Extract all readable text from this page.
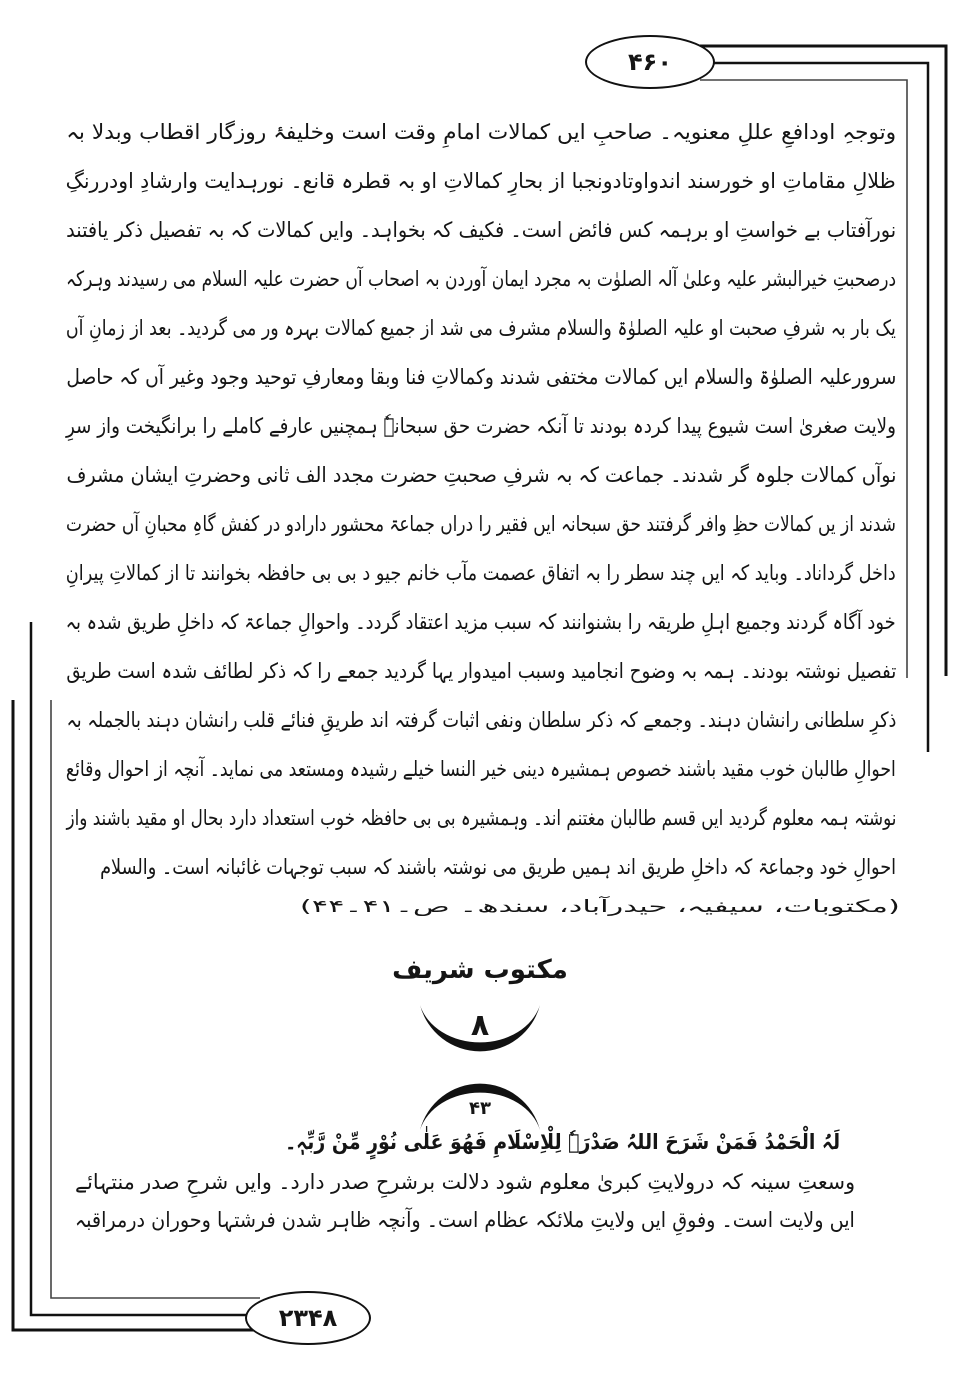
۴۶۰
۲۳۴۸
وتوجہِ اودافعِ عللِ معنویہ۔ صاحبِ ایں کمالات امامِ وقت است وخلیفۂ روزگار اقطاب وبدلا بہ
ظلالِ مقاماتِ او خورسند اندواوتادونجبا از بحارِ کمالاتِ او بہ قطرہ قانع۔ نورہدایت وارشادِ اودررنگِ
نورآفتاب بے خواستِ او برہمہ کس فائض است۔ فکیف کہ بخواہد۔ وایں کمالات کہ بہ تفصیل ذکر یافتند
درصحبتِ خیرالبشر علیہ وعلیٰ آلہ الصلوٰت بہ مجرد ایمان آوردن بہ اصحاب آں حضرت علیہ السلام می رسیدند وہرکہ
یک بار بہ شرفِ صحبت او علیہ الصلوٰۃ والسلام مشرف می شد از جمیع کمالات بہرہ ور می گردید۔ بعد از زمانِ آں
سرورعلیہ الصلوٰۃ والسلام ایں کمالات مختفی شدند وکمالاتِ فنا وبقا ومعارفِ توحید وجود وغیر آں کہ حاصل
ولایت صغریٰ است شیوع پیدا کردہ بودند تا آنکہ حضرت حق سبحانہٗ ہمچنیں عارفے کاملے را برانگیخت واز سرِ
نوآں کمالات جلوہ گر شدند۔ جماعت کہ بہ شرفِ صحبتِ حضرت مجدد الف ثانی وحضرتِ ایشان مشرف
شدند از یں کمالات حظِ وافر گرفتند حق سبحانہ ایں فقیر را دراں جماعۃ محشور دارادو در کفش گاہِ محبانِ آں حضرت
داخل گرداناد۔ وباید کہ ایں چند سطر را بہ اتفاق عصمت مآب خانم جیو د بی بی حافظہ بخوانند تا از کمالاتِ پیرانِ
خود آگاہ گردند وجمیع اہلِ طریقہ را بشنوانند کہ سبب مزید اعتقاد گردد۔ واحوالِ جماعۃ کہ داخلِ طریق شدہ بہ
تفصیل نوشتہ بودند۔ ہمہ بہ وضوح انجامید وسبب امیدوار یہا گردید جمعے را کہ ذکر لطائف شدہ است طریق
ذکرِ سلطانی رانشان دہند۔ وجمعے کہ ذکر سلطان ونفی اثبات گرفتہ اند طریقِ فنائے قلب رانشان دہند بالجملہ بہ
احوالِ طالبان خوب مقید باشند خصوص ہمشیرہ دینی خیر النسا خیلے رشیدہ ومستعد می نماید۔ آنچہ از احوال وقائع
نوشتہ ہمہ معلوم گردید ایں قسم طالبان مغتنم اند۔ وہمشیرہ بی بی حافظہ خوب استعداد دارد بحال او مقید باشند واز
احوالِ خود وجماعۃ کہ داخلِ طریق اند ہمیں طریق می نوشتہ باشند کہ سبب توجہات غائبانہ است۔ والسلام
(مکتوبات، سیفیہ، حیدرآباد، سندھ۔ ص۔۴۱۔۴۴)
مکتوب شریف
۸
۴۳
لَہُ الْحَمْدُ فَمَنْ شَرَحَ اللہُ صَدْرَہٗ لِلْاِسْلَامِ فَھُوَ عَلٰی نُوْرٍ مِّنْ رَّبِّہٖ۔
وسعتِ سینہ کہ درولایتِ کبریٰ معلوم شود دلالت برشرحِ صدر دارد۔ وایں شرحِ صدر منتہائے
ایں ولایت است۔ وفوقِ ایں ولایتِ ملائکہ عظام است۔ وآنچہ ظاہر شدن فرشتہا وحوران درمراقبہ
